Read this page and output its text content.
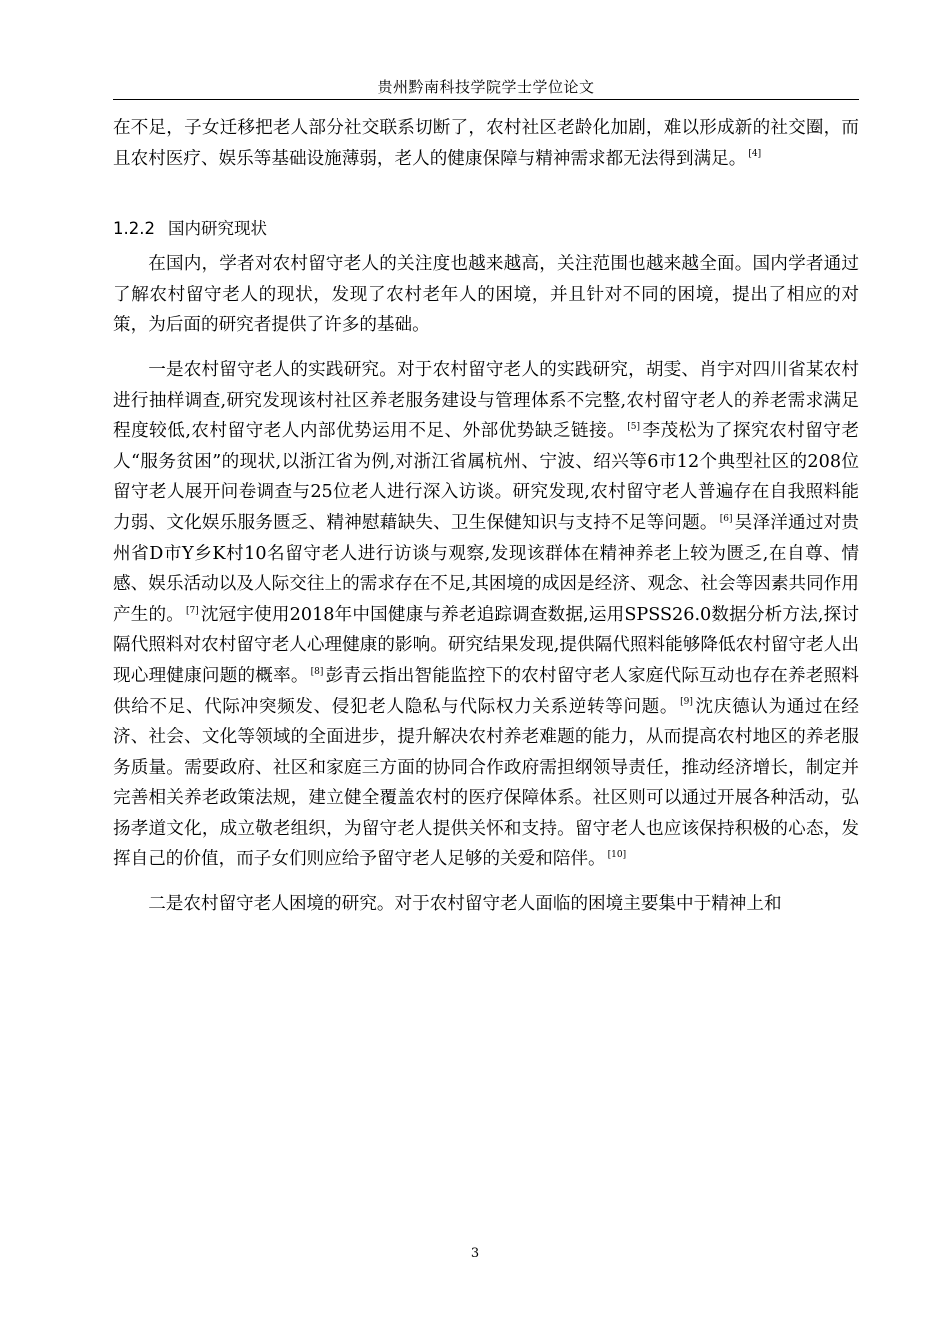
贵州黔南科技学院学士学位论文

在不足，子女迁移把老人部分社交联系切断了，农村社区老龄化加剧，难以形成新的社交圈，而且农村医疗、娱乐等基础设施薄弱，老人的健康保障与精神需求都无法得到满足。 [4]

1.2.2 国内研究现状

在国内，学者对农村留守老人的关注度也越来越高，关注范围也越来越全面。国内学者通过了解农村留守老人的现状，发现了农村老年人的困境，并且针对不同的困境，提出了相应的对策，为后面的研究者提供了许多的基础。

一是农村留守老人的实践研究。对于农村留守老人的实践研究，胡雯、肖宇对四川省某农村进行抽样调查,研究发现该村社区养老服务建设与管理体系不完整,农村留守老人的养老需求满足程度较低,农村留守老人内部优势运用不足、外部优势缺乏链接。 [5] 李茂松为了探究农村留守老人“服务贫困”的现状,以浙江省为例,对浙江省属杭州、宁波、绍兴等6市12个典型社区的208位留守老人展开问卷调查与25位老人进行深入访谈。研究发现,农村留守老人普遍存在自我照料能力弱、文化娱乐服务匮乏、精神慰藉缺失、卫生保健知识与支持不足等问题。 [6] 吴泽洋通过对贵州省D市Y乡K村10名留守老人进行访谈与观察,发现该群体在精神养老上较为匮乏,在自尊、情感、娱乐活动以及人际交往上的需求存在不足,其困境的成因是经济、观念、社会等因素共同作用产生的。 [7] 沈冠宇使用2018年中国健康与养老追踪调查数据,运用SPSS26.0数据分析方法,探讨隔代照料对农村留守老人心理健康的影响。研究结果发现,提供隔代照料能够降低农村留守老人出现心理健康问题的概率。 [8] 彭青云指出智能监控下的农村留守老人家庭代际互动也存在养老照料供给不足、代际冲突频发、侵犯老人隐私与代际权力关系逆转等问题。 [9] 沈庆德认为通过在经济、社会、文化等领域的全面进步，提升解决农村养老难题的能力，从而提高农村地区的养老服务质量。需要政府、社区和家庭三方面的协同合作政府需担纲领导责任，推动经济增长，制定并完善相关养老政策法规，建立健全覆盖农村的医疗保障体系。社区则可以通过开展各种活动，弘扬孝道文化，成立敬老组织，为留守老人提供关怀和支持。留守老人也应该保持积极的心态，发挥自己的价值，而子女们则应给予留守老人足够的关爱和陪伴。 [10]

二是农村留守老人困境的研究。对于农村留守老人面临的困境主要集中于精神上和

3
